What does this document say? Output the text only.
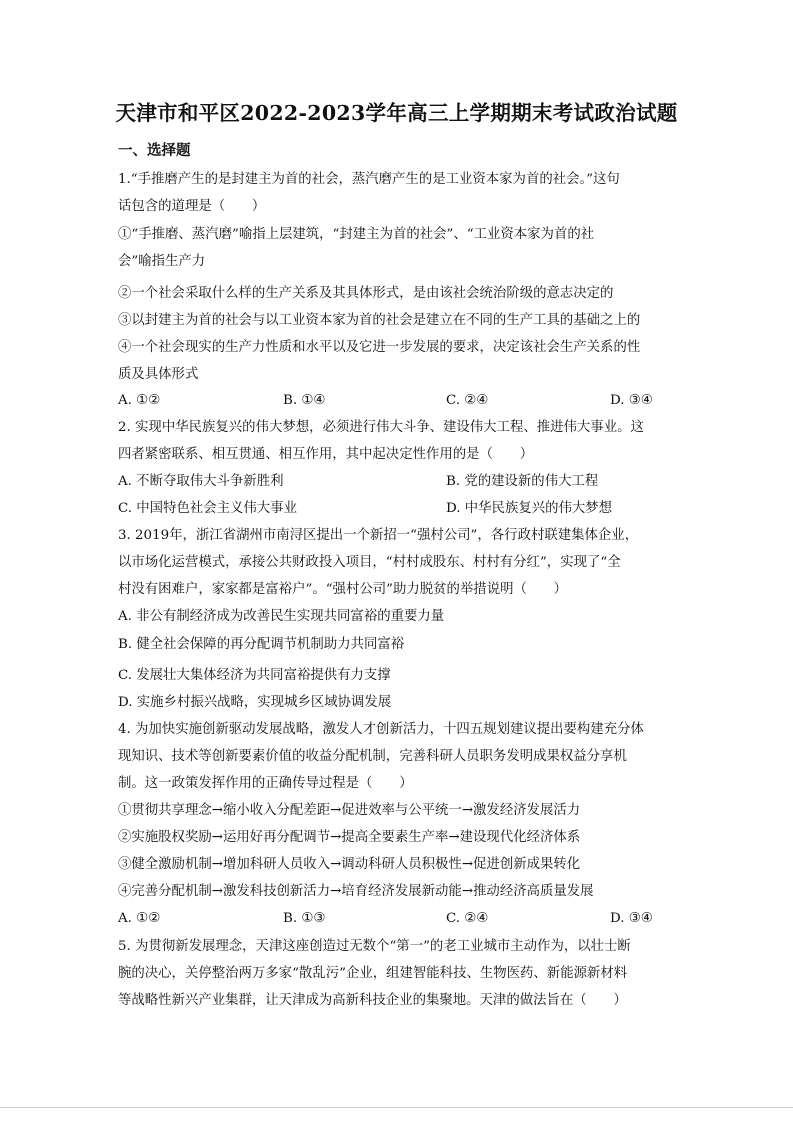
天津市和平区2022-2023学年高三上学期期末考试政治试题
一、选择题
1.“手推磨产生的是封建主为首的社会，蒸汽磨产生的是工业资本家为首的社会。”这句
话包含的道理是（　　）
①“手推磨、蒸汽磨”喻指上层建筑，“封建主为首的社会”、“工业资本家为首的社
会”喻指生产力
②一个社会采取什么样的生产关系及其具体形式，是由该社会统治阶级的意志决定的
③以封建主为首的社会与以工业资本家为首的社会是建立在不同的生产工具的基础之上的
④一个社会现实的生产力性质和水平以及它进一步发展的要求，决定该社会生产关系的性
质及具体形式
A. ①②	B. ①④	C. ②④	D. ③④
2. 实现中华民族复兴的伟大梦想，必须进行伟大斗争、建设伟大工程、推进伟大事业。这
四者紧密联系、相互贯通、相互作用，其中起决定性作用的是（　　）
A. 不断夺取伟大斗争新胜利	B. 党的建设新的伟大工程
C. 中国特色社会主义伟大事业	D. 中华民族复兴的伟大梦想
3. 2019年，浙江省湖州市南浔区提出一个新招一“强村公司”，各行政村联建集体企业，
以市场化运营模式，承接公共财政投入项目，“村村成股东、村村有分红”，实现了“全
村没有困难户，家家都是富裕户”。“强村公司”助力脱贫的举措说明（　　）
A. 非公有制经济成为改善民生实现共同富裕的重要力量
B. 健全社会保障的再分配调节机制助力共同富裕
C. 发展壮大集体经济为共同富裕提供有力支撑
D. 实施乡村振兴战略，实现城乡区域协调发展
4. 为加快实施创新驱动发展战略，激发人才创新活力，十四五规划建议提出要构建充分体
现知识、技术等创新要素价值的收益分配机制，完善科研人员职务发明成果权益分享机
制。这一政策发挥作用的正确传导过程是（　　）
①贯彻共享理念→缩小收入分配差距→促进效率与公平统一→激发经济发展活力
②实施股权奖励→运用好再分配调节→提高全要素生产率→建设现代化经济体系
③健全激励机制→增加科研人员收入→调动科研人员积极性→促进创新成果转化
④完善分配机制→激发科技创新活力→培育经济发展新动能→推动经济高质量发展
A. ①②	B. ①③	C. ②④	D. ③④
5. 为贯彻新发展理念，天津这座创造过无数个“第一”的老工业城市主动作为，以壮士断
腕的决心，关停整治两万多家“散乱污”企业，组建智能科技、生物医药、新能源新材料
等战略性新兴产业集群，让天津成为高新科技企业的集聚地。天津的做法旨在（　　）
